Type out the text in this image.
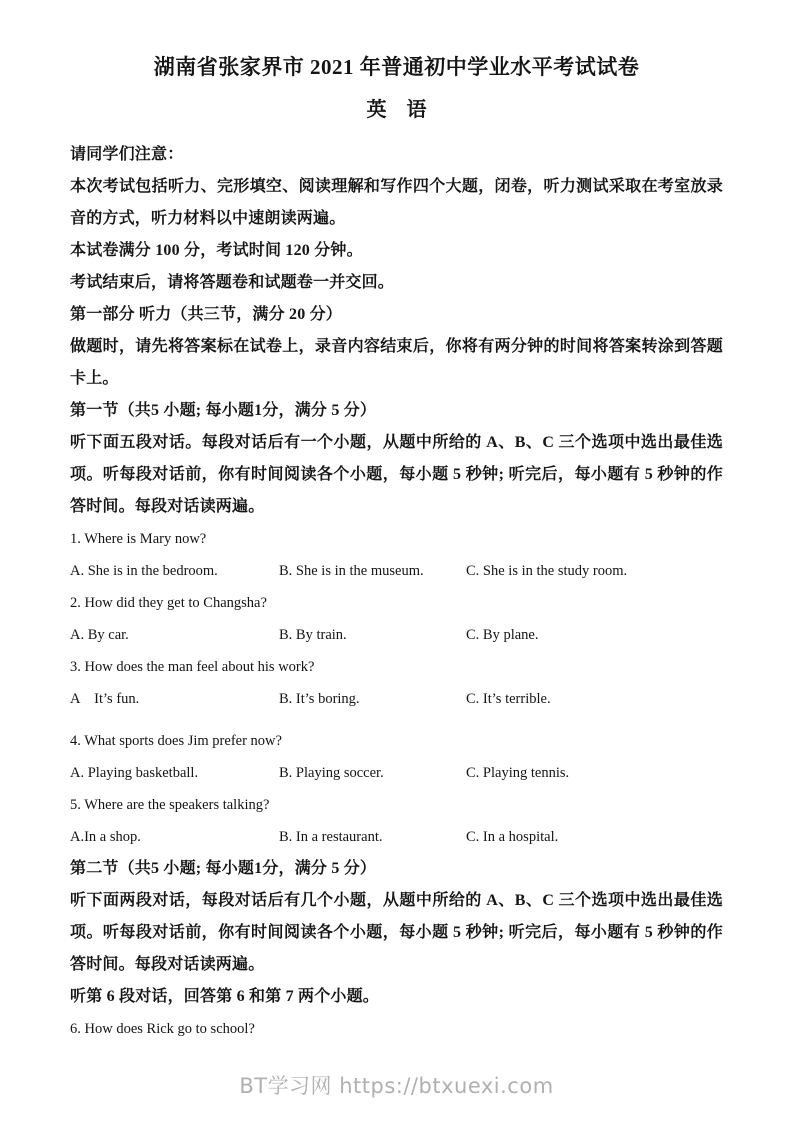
湖南省张家界市 2021 年普通初中学业水平考试试卷
英　语

请同学们注意：

本次考试包括听力、完形填空、阅读理解和写作四个大题，闭卷，听力测试采取在考室放录音的方式，听力材料以中速朗读两遍。

本试卷满分 100 分，考试时间 120 分钟。

考试结束后，请将答题卷和试题卷一并交回。

第一部分 听力（共三节，满分 20 分）

做题时，请先将答案标在试卷上，录音内容结束后，你将有两分钟的时间将答案转涂到答题卡上。

第一节（共5 小题; 每小题1分，满分 5 分）

听下面五段对话。每段对话后有一个小题，从题中所给的 A、B、C 三个选项中选出最佳选项。听每段对话前，你有时间阅读各个小题，每小题 5 秒钟; 听完后，每小题有 5 秒钟的作答时间。每段对话读两遍。

1. Where is Mary now?

A. She is in the bedroom.	B. She is in the museum.	C. She is in the study room.

2. How did they get to Changsha?

A. By car.	B. By train.	C. By plane.

3. How does the man feel about his work?

A　It’s fun.	B. It’s boring.	C. It’s terrible.

4. What sports does Jim prefer now?

A. Playing basketball.	B. Playing soccer.	C. Playing tennis.

5. Where are the speakers talking?

A.In a shop.	B. In a restaurant.	C. In a hospital.

第二节（共5 小题; 每小题1分，满分 5 分）

听下面两段对话，每段对话后有几个小题，从题中所给的 A、B、C 三个选项中选出最佳选项。听每段对话前，你有时间阅读各个小题，每小题 5 秒钟; 听完后，每小题有 5 秒钟的作答时间。每段对话读两遍。

听第 6 段对话，回答第 6 和第 7 两个小题。

6. How does Rick go to school?

BT学习网 https://btxuexi.com
